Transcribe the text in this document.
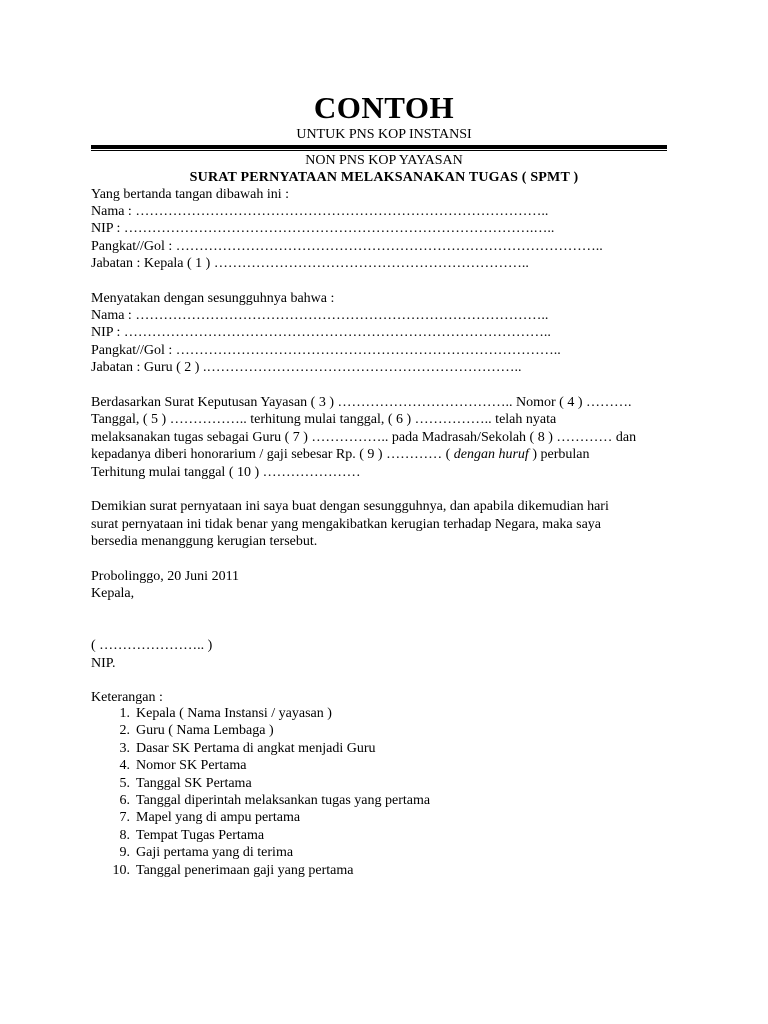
CONTOH
UNTUK PNS KOP INSTANSI
NON PNS KOP YAYASAN
SURAT PERNYATAAN MELAKSANAKAN TUGAS ( SPMT )
Yang bertanda tangan dibawah ini :
Nama : ……………………………………………………………………………..
NIP : …………………………………………………………………………….…..
Pangkat//Gol : ………………………………………………………………………………..
Jabatan : Kepala ( 1 ) …………………………………………………………..
Menyatakan dengan sesungguhnya bahwa :
Nama : ……………………………………………………………………………..
NIP : ………………………………………………………………………………..
Pangkat//Gol : ………………………………………………………………………..
Jabatan : Guru ( 2 ) .…………………………………………………………..
Berdasarkan Surat Keputusan Yayasan ( 3 ) ……………………………….. Nomor ( 4 ) ……….
Tanggal, ( 5 ) …………….. terhitung mulai tanggal, ( 6 ) …………….. telah nyata
melaksanakan tugas sebagai Guru ( 7 ) …………….. pada Madrasah/Sekolah ( 8 ) ………… dan
kepadanya diberi honorarium / gaji sebesar Rp. ( 9 ) ………… ( dengan huruf ) perbulan
Terhitung mulai tanggal ( 10 ) …………………
Demikian surat pernyataan ini saya buat dengan sesungguhnya, dan apabila dikemudian hari
surat pernyataan ini tidak benar yang mengakibatkan kerugian terhadap Negara, maka saya
bersedia menanggung kerugian tersebut.
Probolinggo, 20 Juni 2011
Kepala,
( ………………….. )
NIP.
Keterangan :
1. Kepala ( Nama Instansi / yayasan )
2. Guru ( Nama Lembaga )
3. Dasar SK Pertama di angkat menjadi Guru
4. Nomor SK Pertama
5. Tanggal SK Pertama
6. Tanggal diperintah melaksankan tugas yang pertama
7. Mapel yang di ampu pertama
8. Tempat Tugas Pertama
9. Gaji pertama yang di terima
10. Tanggal penerimaan gaji yang pertama
